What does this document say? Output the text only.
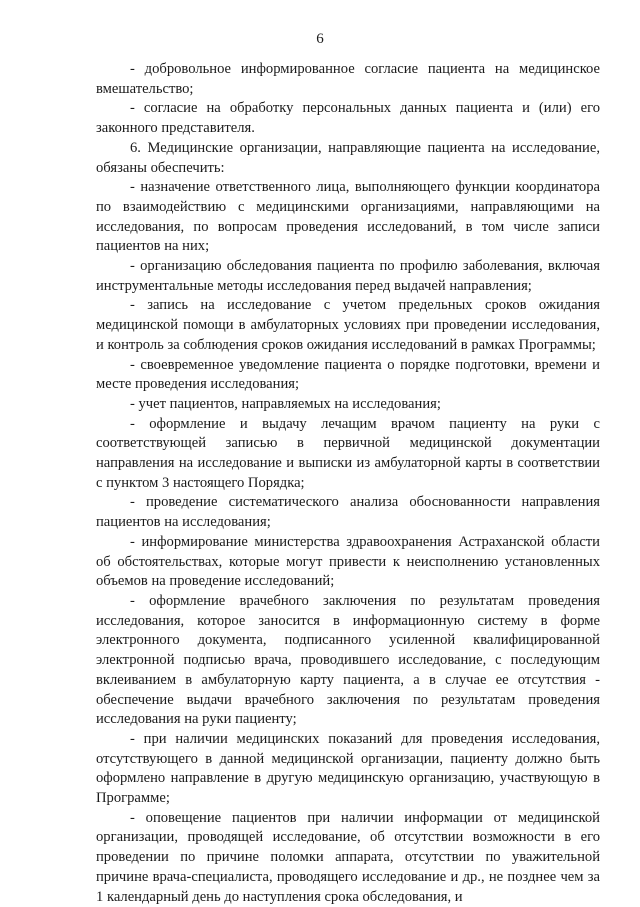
6

- добровольное информированное согласие пациента на медицинское вмешательство;

- согласие на обработку персональных данных пациента и (или) его законного представителя.

6. Медицинские организации, направляющие пациента на исследование, обязаны обеспечить:

- назначение ответственного лица, выполняющего функции координатора по взаимодействию с медицинскими организациями, направляющими на исследования, по вопросам проведения исследований, в том числе записи пациентов на них;

- организацию обследования пациента по профилю заболевания, включая инструментальные методы исследования перед выдачей направления;

- запись на исследование с учетом предельных сроков ожидания медицинской помощи в амбулаторных условиях при проведении исследования, и контроль за соблюдения сроков ожидания исследований в рамках Программы;

- своевременное уведомление пациента о порядке подготовки, времени и месте проведения исследования;

- учет пациентов, направляемых на исследования;

- оформление и выдачу лечащим врачом пациенту на руки с соответствующей записью в первичной медицинской документации направления на исследование и выписки из амбулаторной карты в соответствии с пунктом 3 настоящего Порядка;

- проведение систематического анализа обоснованности направления пациентов на исследования;

- информирование министерства здравоохранения Астраханской области об обстоятельствах, которые могут привести к неисполнению установленных объемов на проведение исследований;

- оформление врачебного заключения по результатам проведения исследования, которое заносится в информационную систему в форме электронного документа, подписанного усиленной квалифицированной электронной подписью врача, проводившего исследование, с последующим вклеиванием в амбулаторную карту пациента, а в случае ее отсутствия - обеспечение выдачи врачебного заключения по результатам проведения исследования на руки пациенту;

- при наличии медицинских показаний для проведения исследования, отсутствующего в данной медицинской организации, пациенту должно быть оформлено направление в другую медицинскую организацию, участвующую в Программе;

- оповещение пациентов при наличии информации от медицинской организации, проводящей исследование, об отсутствии возможности в его проведении по причине поломки аппарата, отсутствии по уважительной причине врача-специалиста, проводящего исследование и др., не позднее чем за 1 календарный день до наступления срока обследования, и
